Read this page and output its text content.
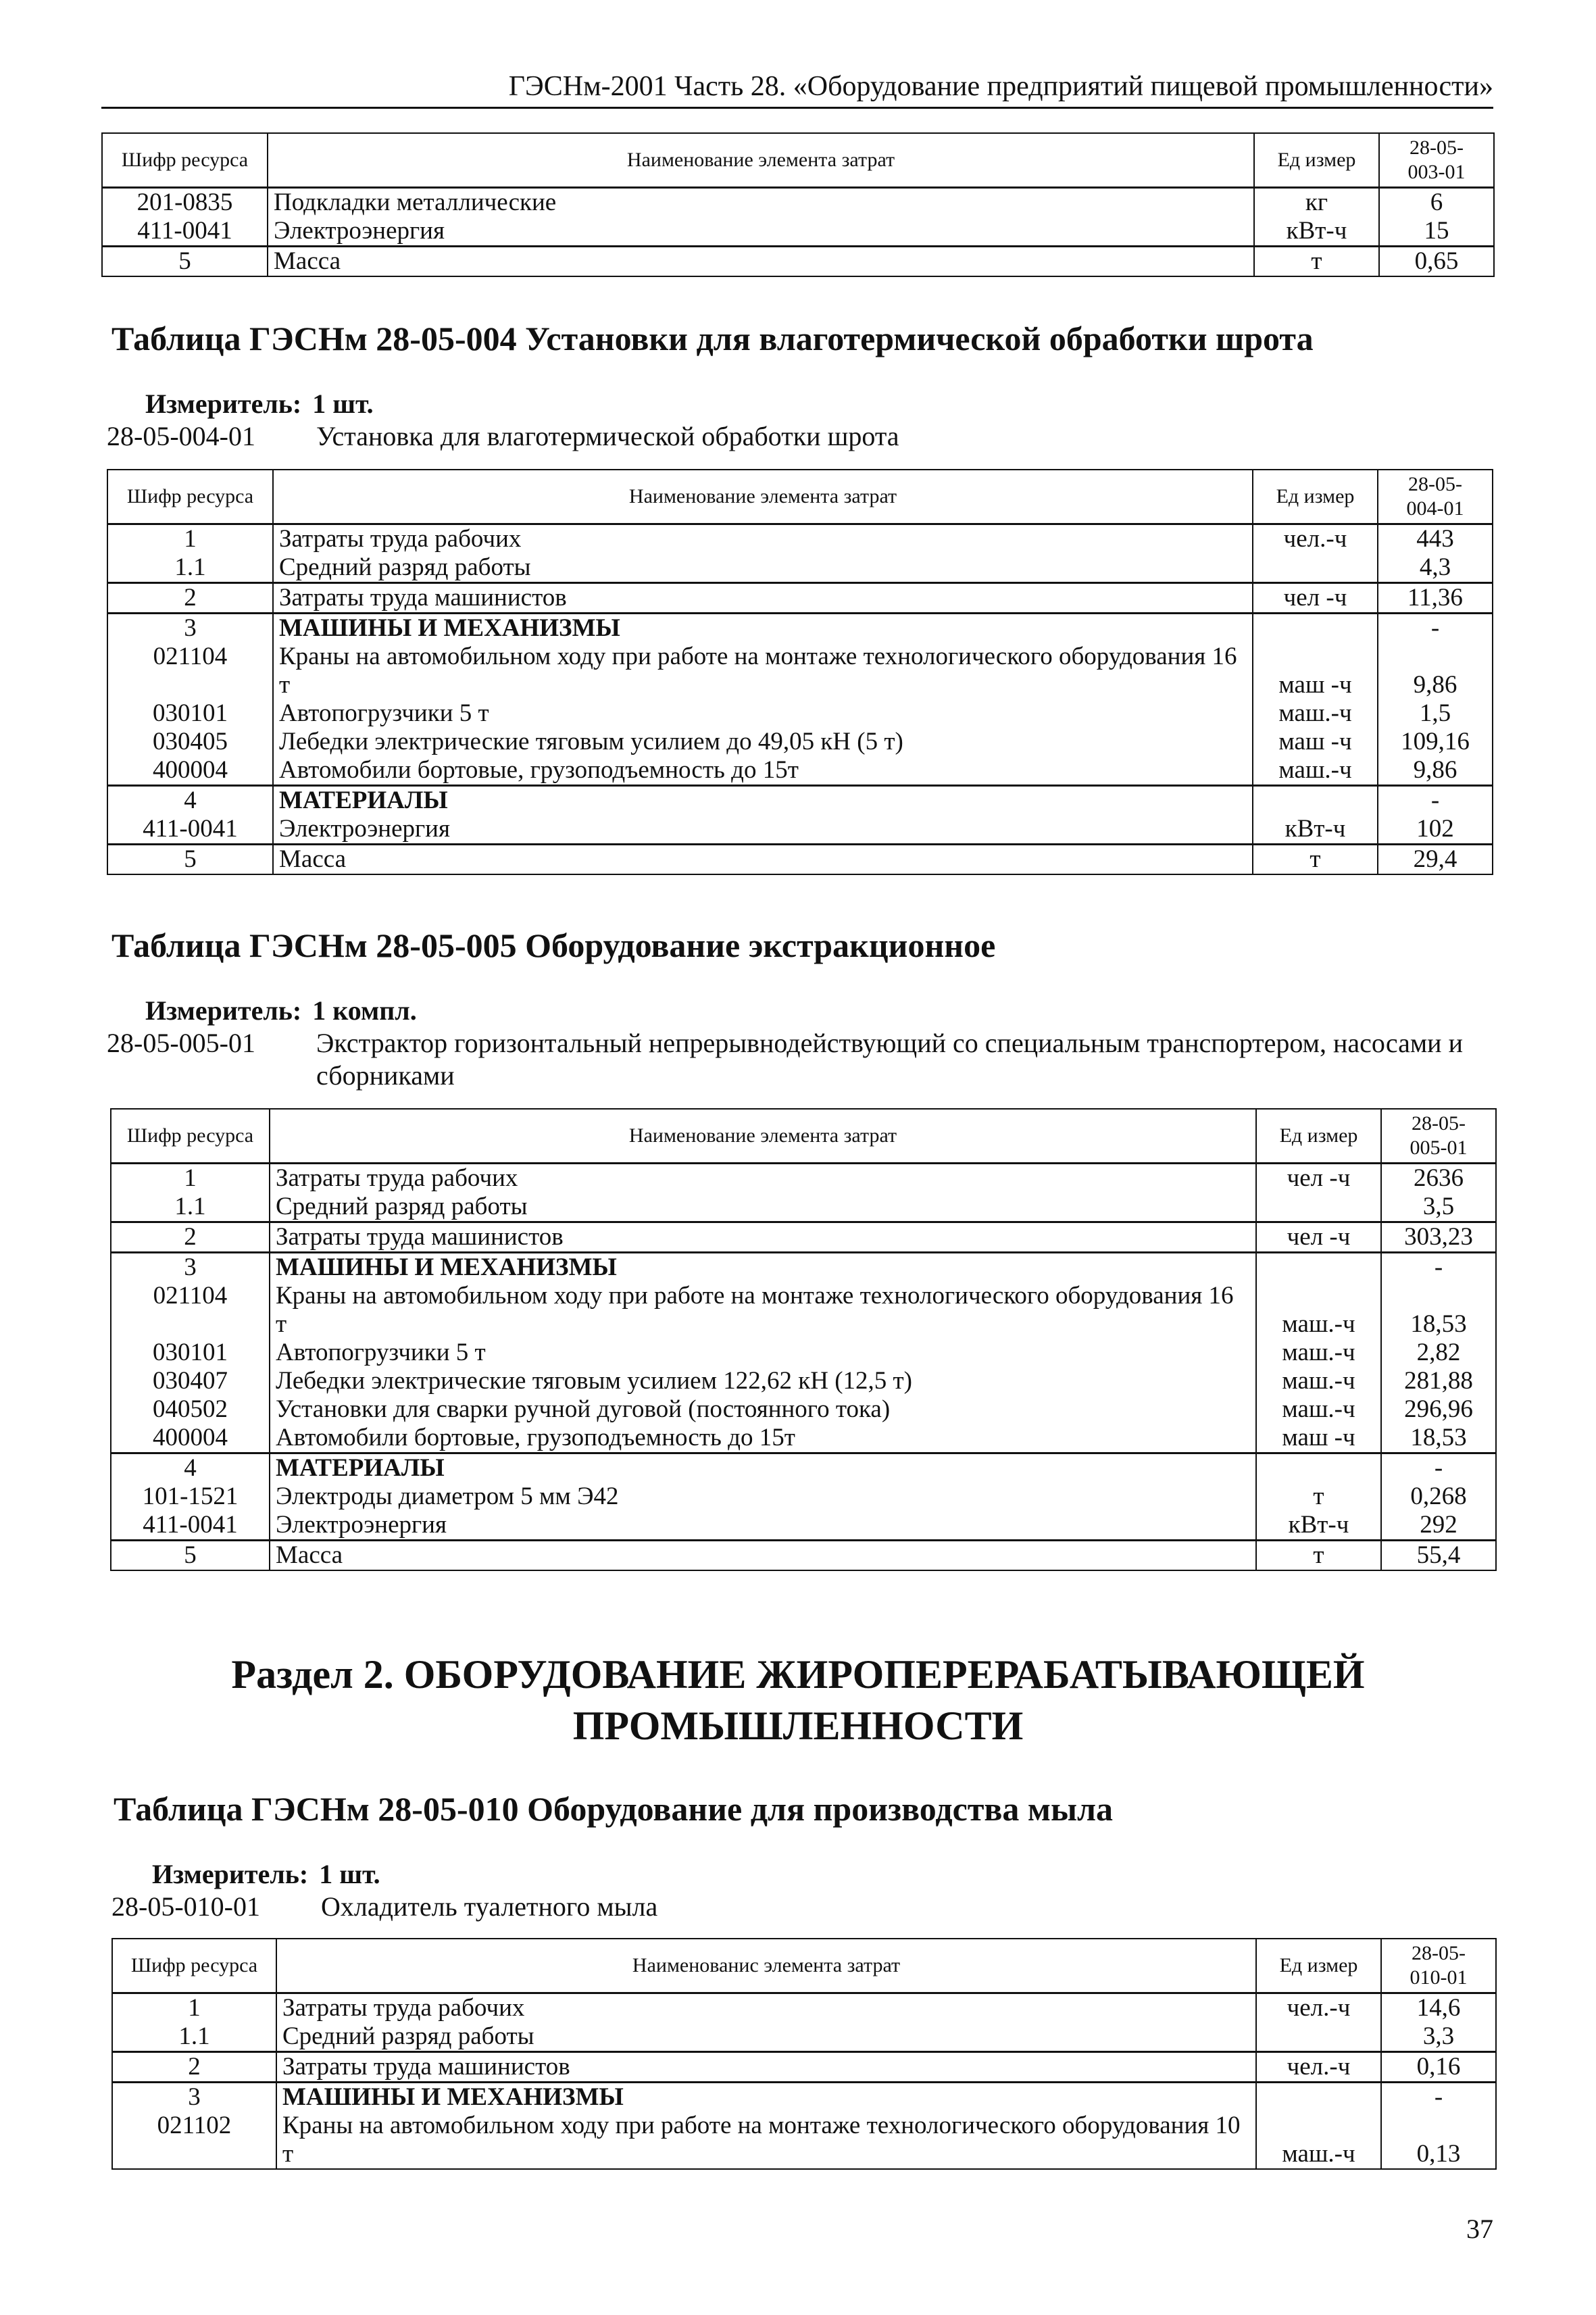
ГЭСНм-2001 Часть 28. «Оборудование предприятий пищевой промышленности»
Шифр ресурса	Наименование элемента затрат	Ед измер	28-05-
003-01
201-0835	Подкладки металлические	кг	6
411-0041	Электроэнергия	кВт-ч	15
5	Масса	т	0,65
Таблица ГЭСНм 28-05-004 Установки для влаготермической обработки шрота
Измеритель: 1 шт.
28-05-004-01	Установка для влаготермической обработки шрота
Шифр ресурса	Наименование элемента затрат	Ед измер	28-05-
004-01
1	Затраты труда рабочих	чел.-ч	443
1.1	Средний разряд работы		4,3
2	Затраты труда машинистов	чел -ч	11,36
3	МАШИНЫ И МЕХАНИЗМЫ		-
021104	Краны на автомобильном ходу при работе на монтаже технологического оборудования 16 т	маш -ч	9,86
030101	Автопогрузчики 5 т	маш.-ч	1,5
030405	Лебедки электрические тяговым усилием до 49,05 кН (5 т)	маш -ч	109,16
400004	Автомобили бортовые, грузоподъемность до 15т	маш.-ч	9,86
4	МАТЕРИАЛЫ		-
411-0041	Электроэнергия	кВт-ч	102
5	Масса	т	29,4
Таблица ГЭСНм 28-05-005 Оборудование экстракционное
Измеритель: 1 компл.
28-05-005-01	Экстрактор горизонтальный непрерывнодействующий со специальным транспортером, насосами и сборниками
Шифр ресурса	Наименование элемента затрат	Ед измер	28-05-
005-01
1	Затраты труда рабочих	чел -ч	2636
1.1	Средний разряд работы		3,5
2	Затраты труда машинистов	чел -ч	303,23
3	МАШИНЫ И МЕХАНИЗМЫ		-
021104	Краны на автомобильном ходу при работе на монтаже технологического оборудования 16 т	маш.-ч	18,53
030101	Автопогрузчики 5 т	маш.-ч	2,82
030407	Лебедки электрические тяговым усилием 122,62 кН (12,5 т)	маш.-ч	281,88
040502	Установки для сварки ручной дуговой (постоянного тока)	маш.-ч	296,96
400004	Автомобили бортовые, грузоподъемность до 15т	маш -ч	18,53
4	МАТЕРИАЛЫ		-
101-1521	Электроды диаметром 5 мм Э42	т	0,268
411-0041	Электроэнергия	кВт-ч	292
5	Масса	т	55,4
Раздел 2. ОБОРУДОВАНИЕ ЖИРОПЕРЕРАБАТЫВАЮЩЕЙ
ПРОМЫШЛЕННОСТИ
Таблица ГЭСНм 28-05-010 Оборудование для производства мыла
Измеритель: 1 шт.
28-05-010-01	Охладитель туалетного мыла
Шифр ресурса	Наименованис элемента затрат	Ед измер	28-05-
010-01
1	Затраты труда рабочих	чел.-ч	14,6
1.1	Средний разряд работы		3,3
2	Затраты труда машинистов	чел.-ч	0,16
3	МАШИНЫ И МЕХАНИЗМЫ		-
021102	Краны на автомобильном ходу при работе на монтаже технологического оборудования 10 т	маш.-ч	0,13
37
